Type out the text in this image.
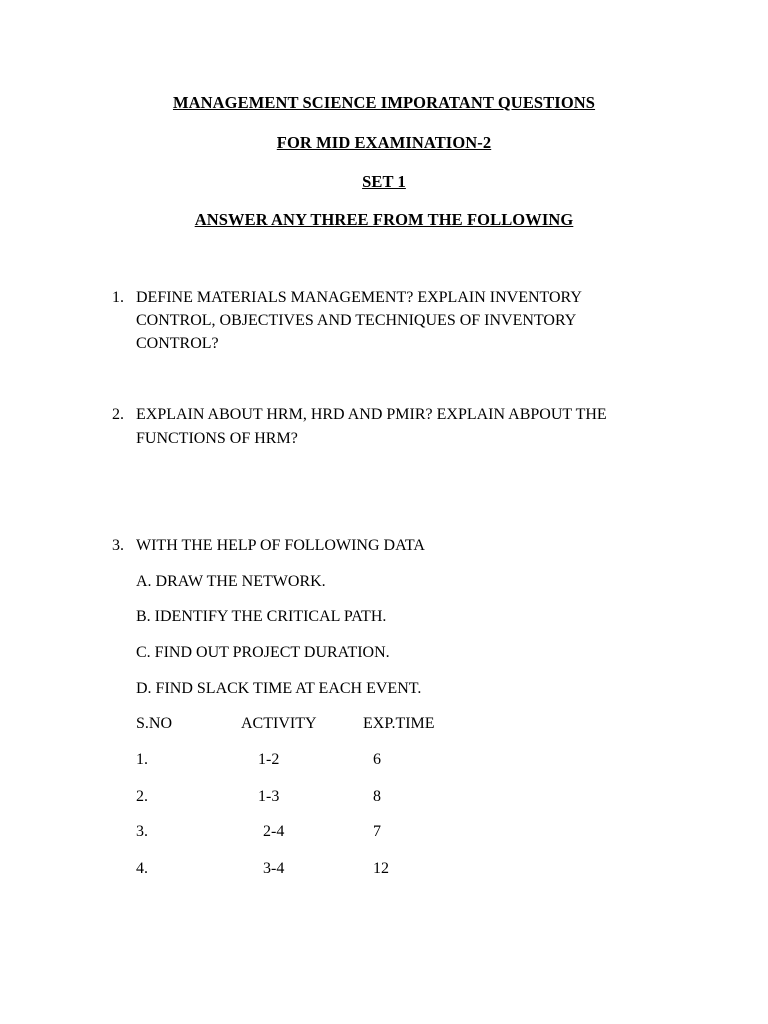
MANAGEMENT SCIENCE IMPORATANT QUESTIONS
FOR MID EXAMINATION-2
SET 1
ANSWER ANY THREE FROM THE FOLLOWING
1. DEFINE MATERIALS MANAGEMENT? EXPLAIN INVENTORY
CONTROL, OBJECTIVES AND TECHNIQUES OF INVENTORY
CONTROL?
2. EXPLAIN ABOUT HRM, HRD AND PMIR? EXPLAIN ABPOUT THE
FUNCTIONS OF HRM?
3. WITH THE HELP OF FOLLOWING DATA
A. DRAW THE NETWORK.
B. IDENTIFY THE CRITICAL PATH.
C. FIND OUT PROJECT DURATION.
D. FIND SLACK TIME AT EACH EVENT.
S.NO	ACTIVITY	EXP.TIME
1.	1-2	6
2.	1-3	8
3.	2-4	7
4.	3-4	12
